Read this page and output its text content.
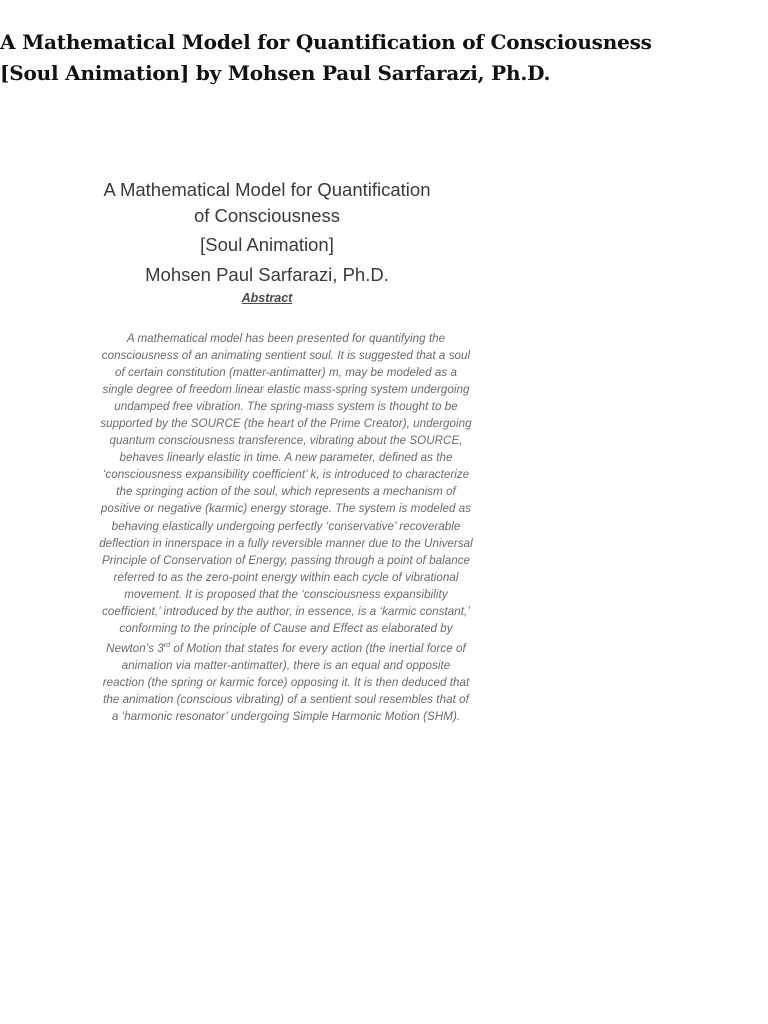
A Mathematical Model for Quantification of Consciousness
[Soul Animation] by Mohsen Paul Sarfarazi, Ph.D.
A Mathematical Model for Quantification
of Consciousness
[Soul Animation]
Mohsen Paul Sarfarazi, Ph.D.
Abstract
A mathematical model has been presented for quantifying the
consciousness of an animating sentient soul. It is suggested that a soul
of certain constitution (matter-antimatter) m, may be modeled as a
single degree of freedom linear elastic mass-spring system undergoing
undamped free vibration. The spring-mass system is thought to be
supported by the SOURCE (the heart of the Prime Creator), undergoing
quantum consciousness transference, vibrating about the SOURCE,
behaves linearly elastic in time. A new parameter, defined as the
‘consciousness expansibility coefficient’ k, is introduced to characterize
the springing action of the soul, which represents a mechanism of
positive or negative (karmic) energy storage. The system is modeled as
behaving elastically undergoing perfectly ‘conservative’ recoverable
deflection in innerspace in a fully reversible manner due to the Universal
Principle of Conservation of Energy, passing through a point of balance
referred to as the zero-point energy within each cycle of vibrational
movement. It is proposed that the ‘consciousness expansibility
coefficient,’ introduced by the author, in essence, is a ‘karmic constant,’
conforming to the principle of Cause and Effect as elaborated by
Newton’s 3rd of Motion that states for every action (the inertial force of
animation via matter-antimatter), there is an equal and opposite
reaction (the spring or karmic force) opposing it. It is then deduced that
the animation (conscious vibrating) of a sentient soul resembles that of
a ‘harmonic resonator’ undergoing Simple Harmonic Motion (SHM).
